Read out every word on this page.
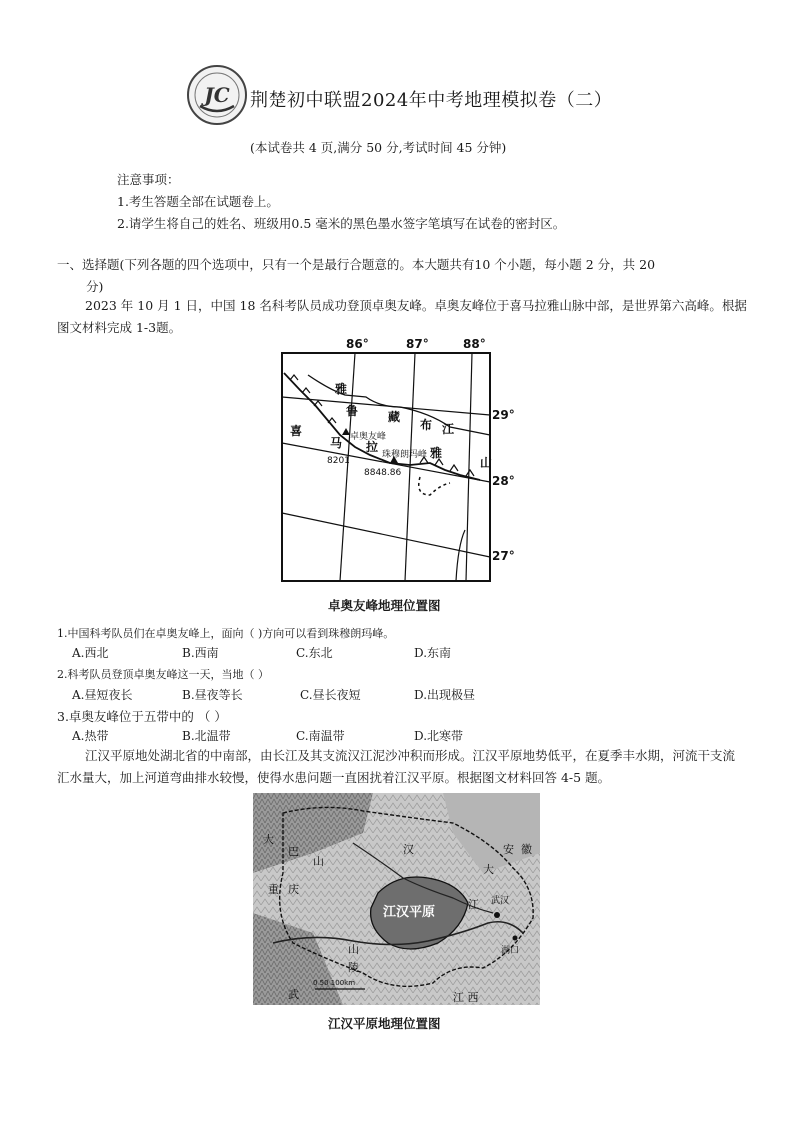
JC 荆楚初中联盟2024年中考地理模拟卷（二）
(本试卷共 4 页,满分 50 分,考试时间 45 分钟)
注意事项：
1.考生答题全部在试题卷上。
2.请学生将自己的姓名、班级用0.5 毫米的黑色墨水签字笔填写在试卷的密封区。
一、选择题(下列各题的四个选项中，只有一个是最行合题意的。本大题共有10 个小题，每小题 2 分，共 20
分)
2023 年 10 月 1 日，中国 18 名科考队员成功登顶卓奥友峰。卓奥友峰位于喜马拉雅山脉中部，是世界第六高峰。根据图文材料完成 1-3题。
86°	87°	88°
29°
28°
27°
雅
鲁 藏
布 江
喜
马 拉
卓奥友峰
8201
珠穆朗玛峰
8848.86
雅
山
卓奥友峰地理位置图
1.中国科考队员们在卓奥友峰上，面向（ )方向可以看到珠穆朗玛峰。
A.西北	B.西南	C.东北	D.东南
2.科考队员登顶卓奥友峰这一天，当地（ ）
A.昼短夜长	B.昼夜等长	C.昼长夜短	D.出现极昼
3.卓奥友峰位于五带中的 （ ）
A.热带	B.北温带	C.南温带	D.北寒带
江汉平原地处湖北省的中南部，由长江及其支流汉江泥沙冲积而形成。江汉平原地势低平，在夏季丰水期，河流干支流汇水量大，加上河道弯曲排水较慢，使得水患问题一直困扰着江汉平原。根据图文材料回答 4-5 题。
江汉平原
大
巴
山
重 庆
汉
江
安 徽
大
武汉
湖口
陵
山
武	江 西
0 50 100km
江汉平原地理位置图
